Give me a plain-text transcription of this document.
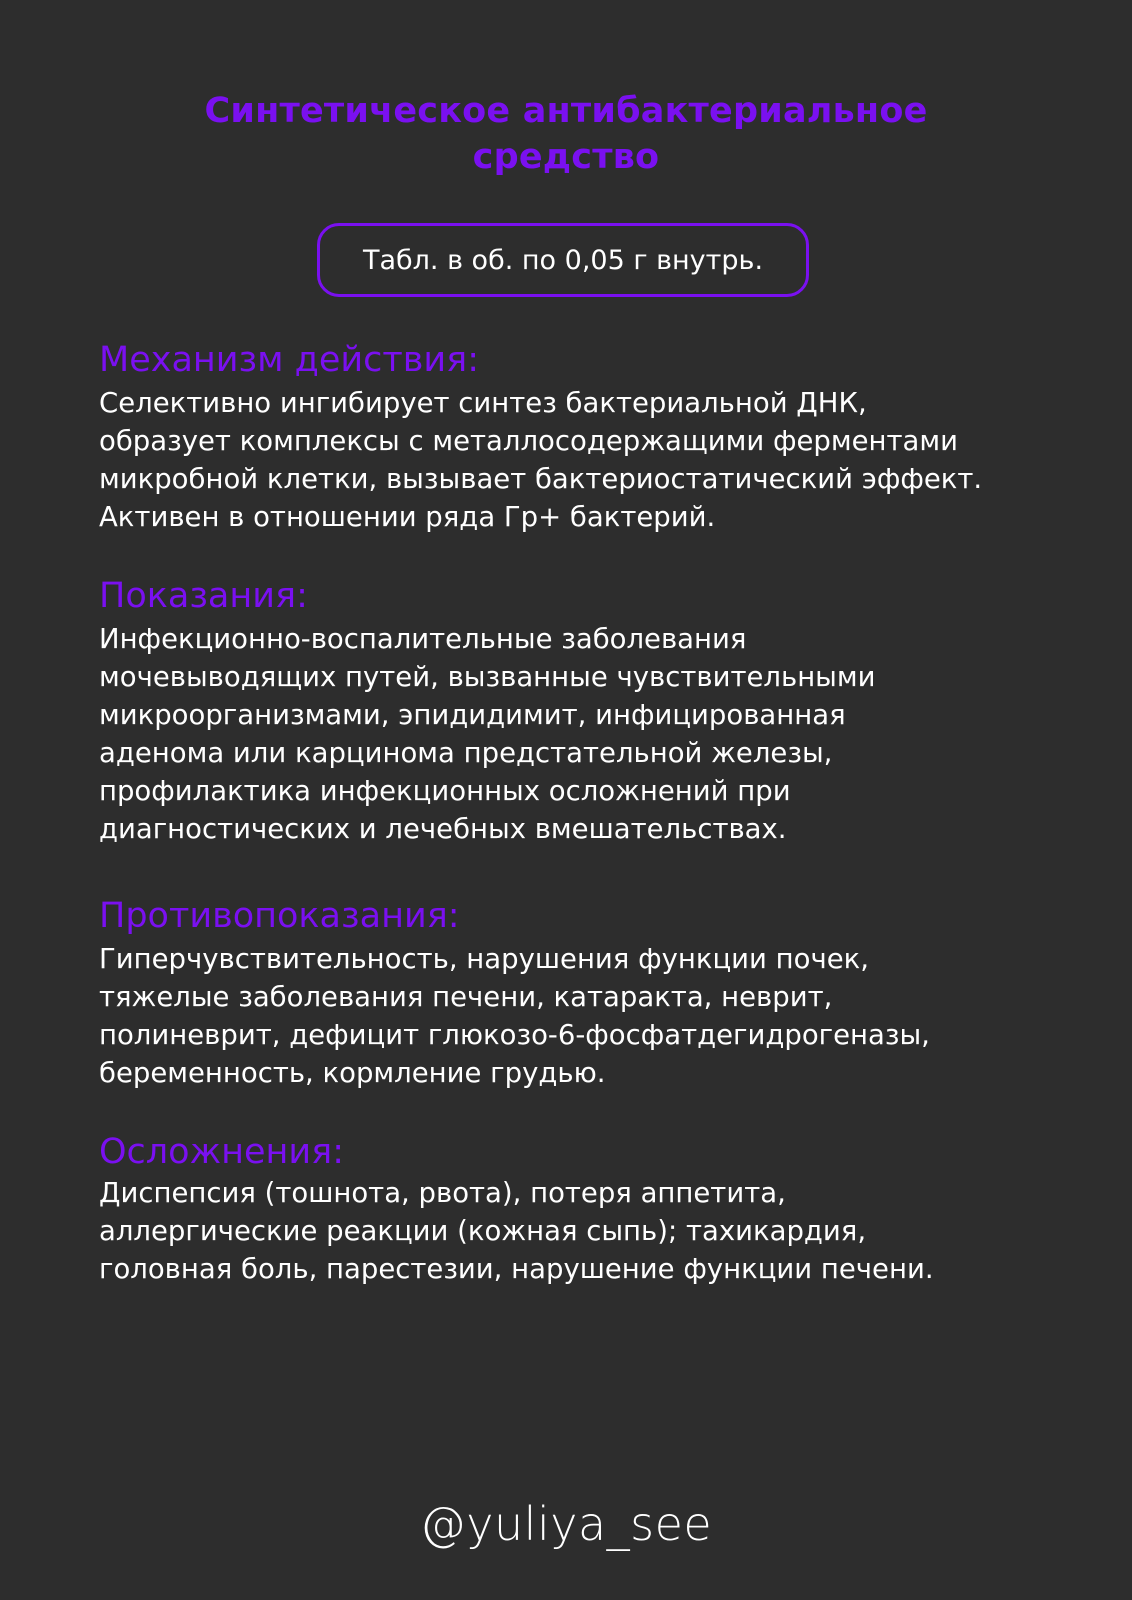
Синтетическое антибактериальное
средство
Табл. в об. по 0,05 г внутрь.
Механизм действия:

Селективно ингибирует синтез бактериальной ДНК,
образует комплексы с металлосодержащими ферментами
микробной клетки, вызывает бактериостатический эффект.
Активен в отношении ряда Гр+ бактерий.

Показания:

Инфекционно-воспалительные заболевания
мочевыводящих путей, вызванные чувствительными
микроорганизмами, эпидидимит, инфицированная
аденома или карцинома предстательной железы,
профилактика инфекционных осложнений при
диагностических и лечебных вмешательствах.

Противопоказания:

Гиперчувствительность, нарушения функции почек,
тяжелые заболевания печени, катаракта, неврит,
полиневрит, дефицит глюкозо-6-фосфатдегидрогеназы,
беременность, кормление грудью.

Осложнения:

Диспепсия (тошнота, рвота), потеря аппетита,
аллергические реакции (кожная сыпь); тахикардия,
головная боль, парестезии, нарушение функции печени.

@yuliya_see
